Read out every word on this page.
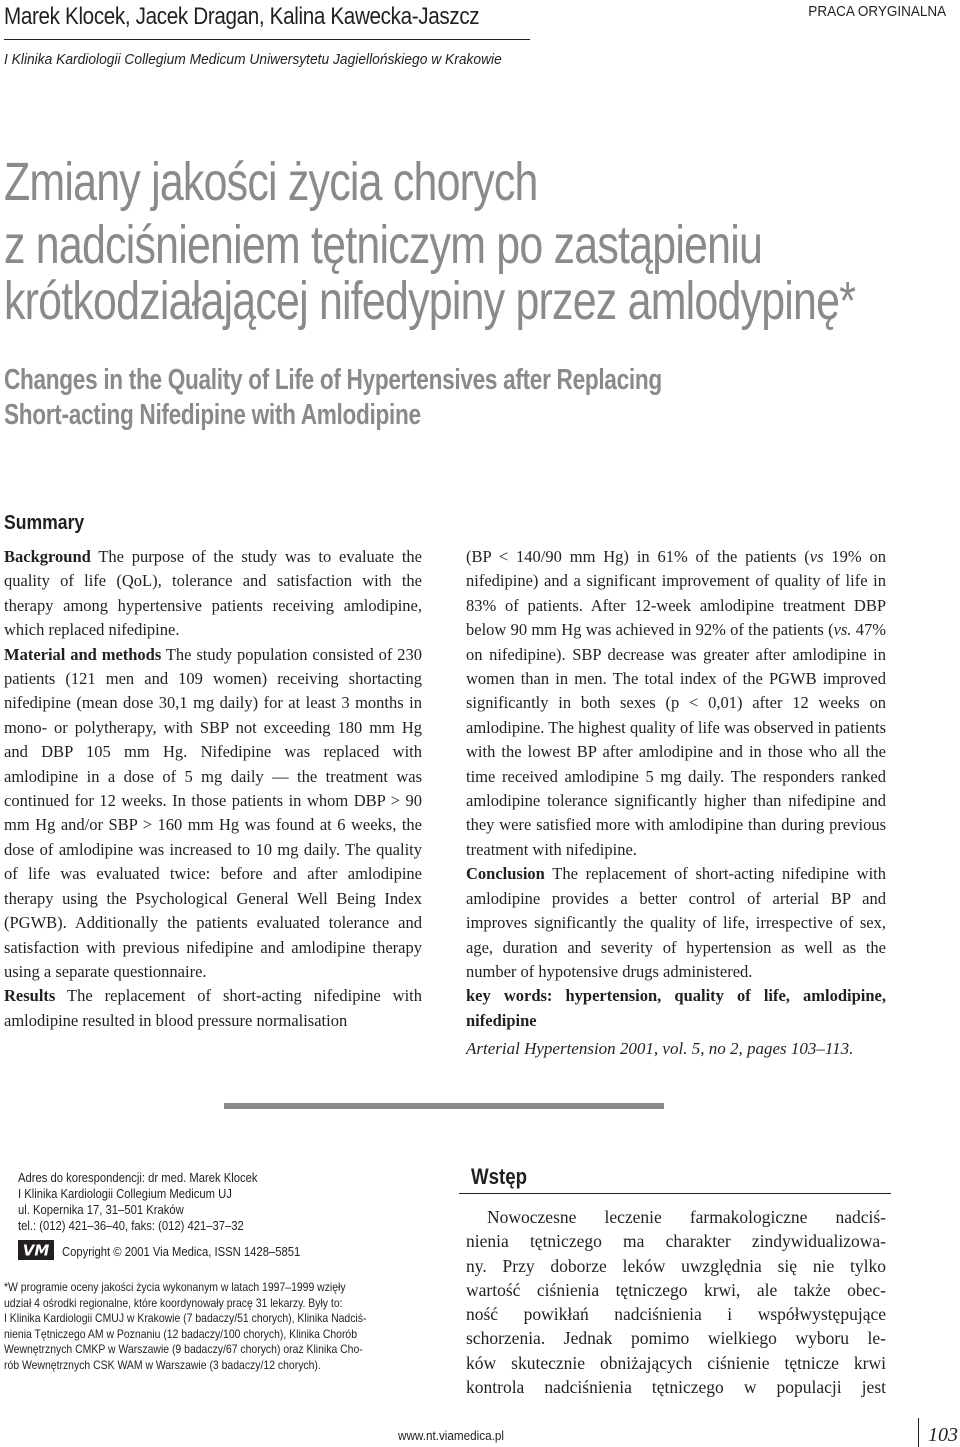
Marek Klocek, Jacek Dragan, Kalina Kawecka-Jaszcz	PRACA ORYGINALNA
I Klinika Kardiologii Collegium Medicum Uniwersytetu Jagiellońskiego w Krakowie
Zmiany jakości życia chorych
z nadciśnieniem tętniczym po zastąpieniu
krótkodziałającej nifedypiny przez amlodypinę*
Changes in the Quality of Life of Hypertensives after Replacing
Short-acting Nifedipine with Amlodipine
Summary

Background The purpose of the study was to evaluate the quality of life (QoL), tolerance and satisfaction with the therapy among hypertensive patients receiving amlodipine, which replaced nifedipine.

Material and methods The study population consisted of 230 patients (121 men and 109 women) receiving shortacting nifedipine (mean dose 30,1 mg daily) for at least 3 months in mono- or polytherapy, with SBP not exceeding 180 mm Hg and DBP 105 mm Hg. Nifedipine was replaced with amlodipine in a dose of 5 mg daily — the treatment was continued for 12 weeks. In those patients in whom DBP > 90 mm Hg and/or SBP > 160 mm Hg was found at 6 weeks, the dose of amlodipine was increased to 10 mg daily. The quality of life was evaluated twice: before and after amlodipine therapy using the Psychological General Well Being Index (PGWB). Additionally the patients evaluated tolerance and satisfaction with previous nifedipine and amlodipine therapy using a separate questionnaire.

Results The replacement of short-acting nifedipine with amlodipine resulted in blood pressure normalisation

(BP < 140/90 mm Hg) in 61% of the patients (vs 19% on nifedipine) and a significant improvement of quality of life in 83% of patients. After 12-week amlodipine treatment DBP below 90 mm Hg was achieved in 92% of the patients (vs. 47% on nifedipine). SBP decrease was greater after amlodipine in women than in men. The total index of the PGWB improved significantly in both sexes (p < 0,01) after 12 weeks on amlodipine. The highest quality of life was observed in patients with the lowest BP after amlodipine and in those who all the time received amlodipine 5 mg daily. The responders ranked amlodipine tolerance significantly higher than nifedipine and they were satisfied more with amlodipine than during previous treatment with nifedipine.

Conclusion The replacement of short-acting nifedipine with amlodipine provides a better control of arterial BP and improves significantly the quality of life, irrespective of sex, age, duration and severity of hypertension as well as the number of hypotensive drugs administered.

key words: hypertension, quality of life, amlodipine, nifedipine

Arterial Hypertension 2001, vol. 5, no 2, pages 103–113.

Adres do korespondencji: dr med. Marek Klocek
I Klinika Kardiologii Collegium Medicum UJ
ul. Kopernika 17, 31–501 Kraków
tel.: (012) 421–36–40, faks: (012) 421–37–32
VM Copyright © 2001 Via Medica, ISSN 1428–5851
*W programie oceny jakości życia wykonanym w latach 1997–1999 wzięły
udział 4 ośrodki regionalne, które koordynowały pracę 31 lekarzy. Były to:
I Klinika Kardiologii CMUJ w Krakowie (7 badaczy/51 chorych), Klinika Nadciś-
nienia Tętniczego AM w Poznaniu (12 badaczy/100 chorych), Klinika Chorób
Wewnętrznych CMKP w Warszawie (9 badaczy/67 chorych) oraz Klinika Cho-
rób Wewnętrznych CSK WAM w Warszawie (3 badaczy/12 chorych).
Wstęp
Nowoczesne leczenie farmakologiczne nadciś-
nienia tętniczego ma charakter zindywidualizowa-
ny. Przy doborze leków uwzględnia się nie tylko
wartość ciśnienia tętniczego krwi, ale także obec-
ność powikłań nadciśnienia i współwystępujące
schorzenia. Jednak pomimo wielkiego wyboru le-
ków skutecznie obniżających ciśnienie tętnicze krwi
kontrola nadciśnienia tętniczego w populacji jest
www.nt.viamedica.pl	103
